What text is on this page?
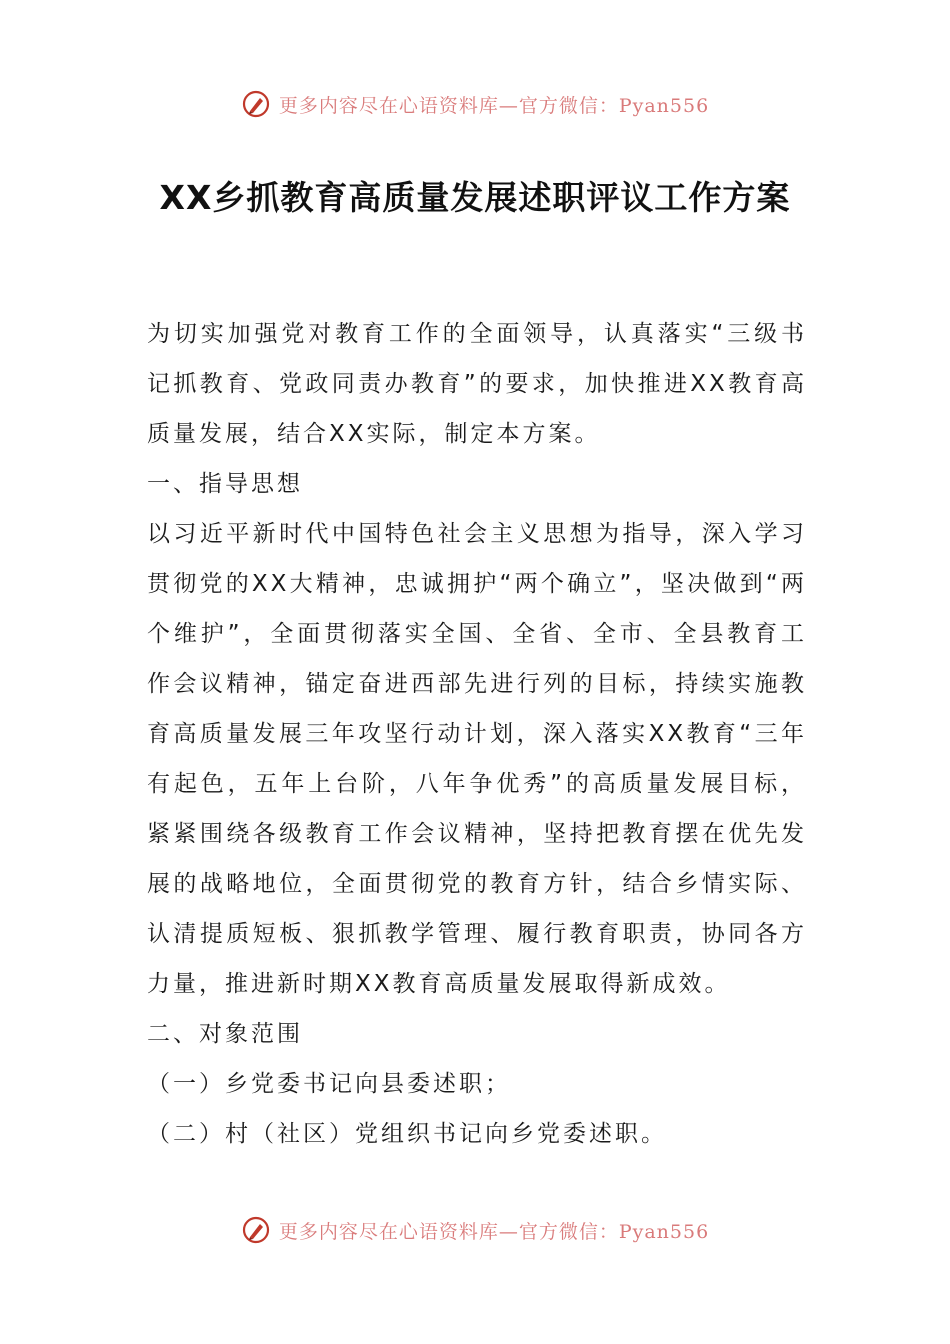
更多内容尽在心语资料库—官方微信：Pyan556
XX乡抓教育高质量发展述职评议工作方案

为切实加强党对教育工作的全面领导，认真落实“三级书记抓教育、党政同责办教育”的要求，加快推进XX教育高质量发展，结合XX实际，制定本方案。

一、指导思想

以习近平新时代中国特色社会主义思想为指导，深入学习贯彻党的XX大精神，忠诚拥护“两个确立”，坚决做到“两个维护”，全面贯彻落实全国、全省、全市、全县教育工作会议精神，锚定奋进西部先进行列的目标，持续实施教育高质量发展三年攻坚行动计划，深入落实XX教育“三年有起色，五年上台阶，八年争优秀”的高质量发展目标，紧紧围绕各级教育工作会议精神，坚持把教育摆在优先发展的战略地位，全面贯彻党的教育方针，结合乡情实际、认清提质短板、狠抓教学管理、履行教育职责，协同各方力量，推进新时期XX教育高质量发展取得新成效。

二、对象范围

（一）乡党委书记向县委述职；

（二）村（社区）党组织书记向乡党委述职。

更多内容尽在心语资料库—官方微信：Pyan556
